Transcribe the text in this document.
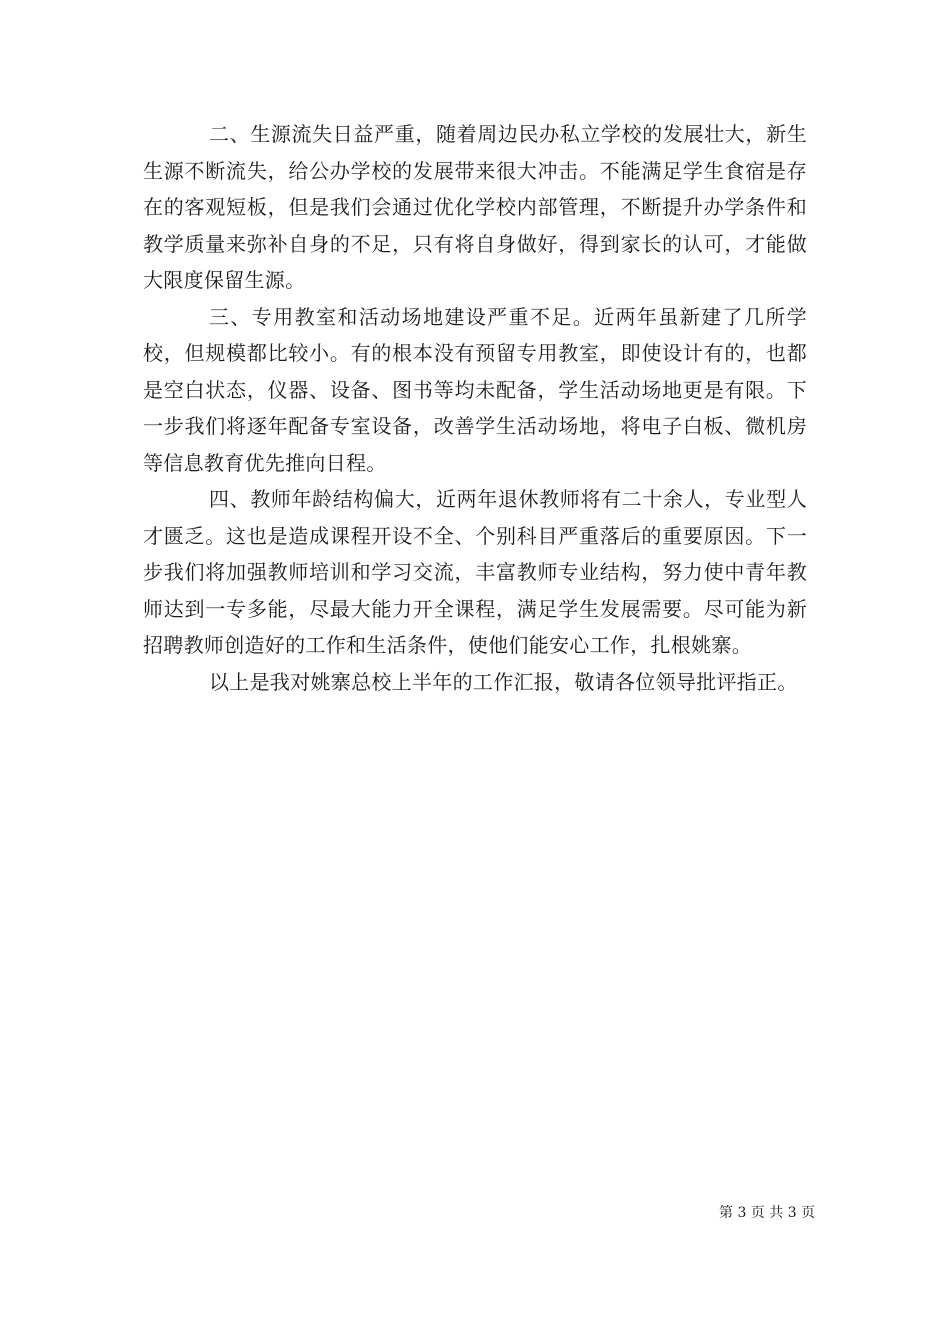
二、生源流失日益严重，随着周边民办私立学校的发展壮大，新生生源不断流失，给公办学校的发展带来很大冲击。不能满足学生食宿是存在的客观短板，但是我们会通过优化学校内部管理，不断提升办学条件和教学质量来弥补自身的不足，只有将自身做好，得到家长的认可，才能做大限度保留生源。

三、专用教室和活动场地建设严重不足。近两年虽新建了几所学校，但规模都比较小。有的根本没有预留专用教室，即使设计有的，也都是空白状态，仪器、设备、图书等均未配备，学生活动场地更是有限。下一步我们将逐年配备专室设备，改善学生活动场地，将电子白板、微机房等信息教育优先推向日程。

四、教师年龄结构偏大，近两年退休教师将有二十余人，专业型人才匮乏。这也是造成课程开设不全、个别科目严重落后的重要原因。下一步我们将加强教师培训和学习交流，丰富教师专业结构，努力使中青年教师达到一专多能，尽最大能力开全课程，满足学生发展需要。尽可能为新招聘教师创造好的工作和生活条件，使他们能安心工作，扎根姚寨。

以上是我对姚寨总校上半年的工作汇报，敬请各位领导批评指正。

第 3 页 共 3 页
